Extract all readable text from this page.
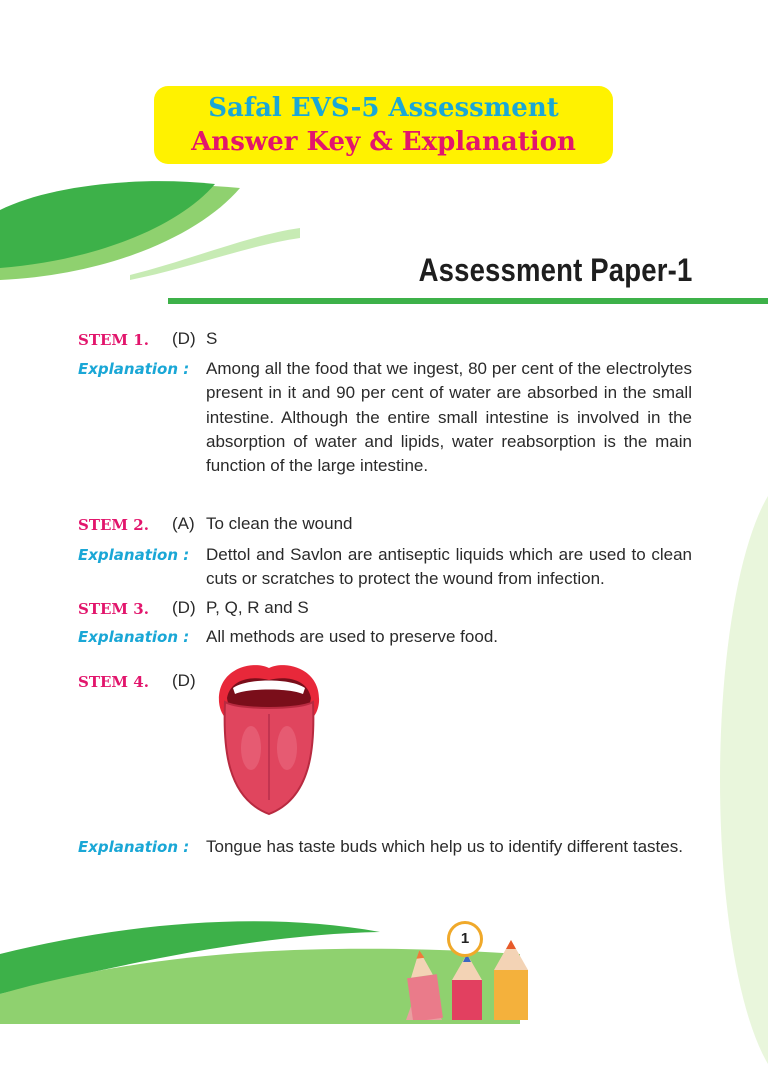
Safal EVS-5 Assessment
Answer Key & Explanation
Assessment Paper-1
STEM 1. (D) S
Explanation : Among all the food that we ingest, 80 per cent of the electrolytes present in it and 90 per cent of water are absorbed in the small intestine. Although the entire small intestine is involved in the absorption of water and lipids, water reabsorption is the main function of the large intestine.
STEM 2. (A) To clean the wound
Explanation : Dettol and Savlon are antiseptic liquids which are used to clean cuts or scratches to protect the wound from infection.
STEM 3. (D) P, Q, R and S
Explanation : All methods are used to preserve food.
STEM 4. (D)
Explanation : Tongue has taste buds which help us to identify different tastes.
1
